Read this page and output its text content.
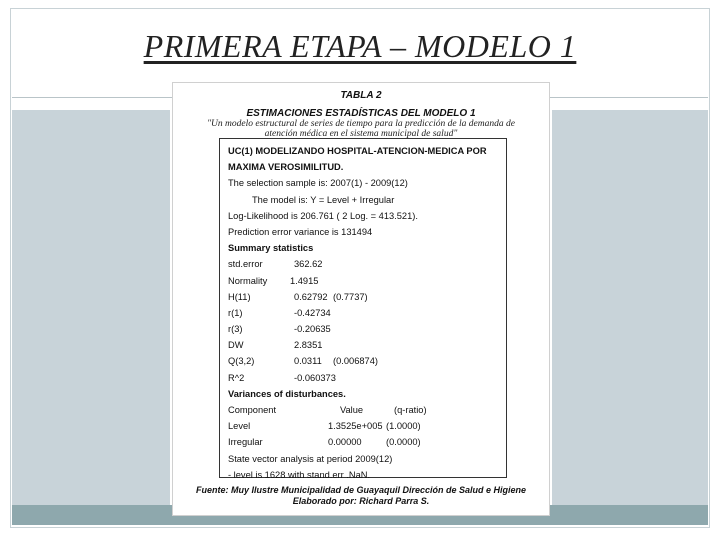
PRIMERA ETAPA – MODELO 1
TABLA 2
ESTIMACIONES ESTADÍSTICAS DEL MODELO 1
"Un modelo estructural de series de tiempo para la predicción de la demanda de
atención médica en el sistema municipal de salud"
UC(1) MODELIZANDO HOSPITAL-ATENCION-MEDICA POR
MAXIMA VEROSIMILITUD.
The selection sample is: 2007(1) - 2009(12)
The model is: Y = Level + Irregular
Log-Likelihood is 206.761 ( 2 Log. = 413.521).
Prediction error variance is 131494
Summary statistics
std.error	362.62
Normality 1.4915
H(11)	0.62792 (0.7737)
r(1)	-0.42734
r(3)	-0.20635
DW	2.8351
Q(3,2)	0.0311 (0.006874)
R^2	-0.060373
Variances of disturbances.
Component	Value	(q-ratio)
Level	1.3525e+005 (1.0000)
Irregular	0.00000	(0.0000)
State vector analysis at period 2009(12)
- level is 1628 with stand.err .NaN.
Fuente: Muy Ilustre Municipalidad de Guayaquil Dirección de Salud e Higiene
Elaborado por: Richard Parra S.
